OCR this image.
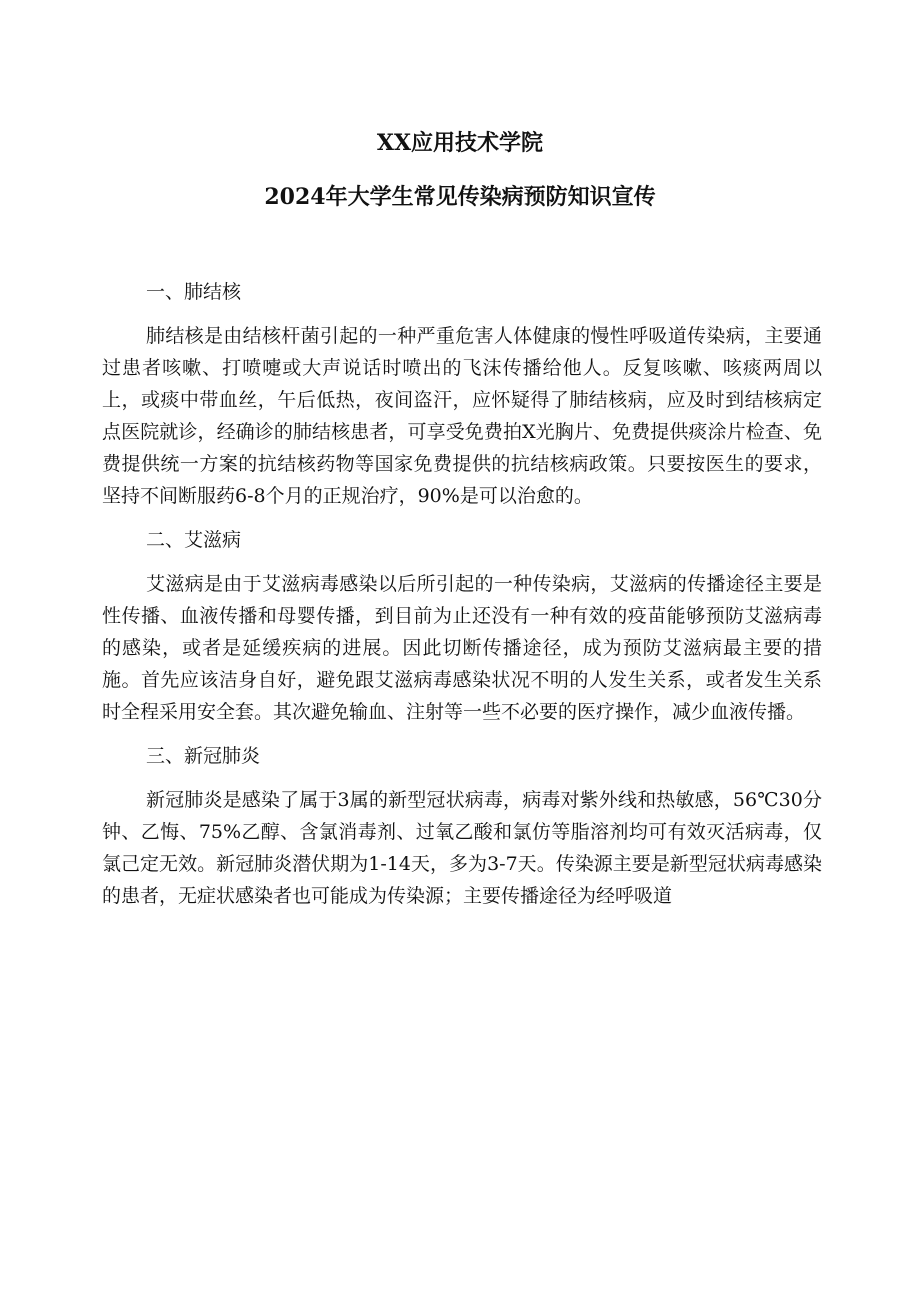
XX应用技术学院

2024年大学生常见传染病预防知识宣传

一、肺结核

肺结核是由结核杆菌引起的一种严重危害人体健康的慢性呼吸道传染病，主要通过患者咳嗽、打喷嚏或大声说话时喷出的飞沫传播给他人。反复咳嗽、咳痰两周以上，或痰中带血丝，午后低热，夜间盗汗，应怀疑得了肺结核病，应及时到结核病定点医院就诊，经确诊的肺结核患者，可享受免费拍X光胸片、免费提供痰涂片检查、免费提供统一方案的抗结核药物等国家免费提供的抗结核病政策。只要按医生的要求，坚持不间断服药6-8个月的正规治疗，90%是可以治愈的。

二、艾滋病

艾滋病是由于艾滋病毒感染以后所引起的一种传染病，艾滋病的传播途径主要是性传播、血液传播和母婴传播，到目前为止还没有一种有效的疫苗能够预防艾滋病毒的感染，或者是延缓疾病的进展。因此切断传播途径，成为预防艾滋病最主要的措施。首先应该洁身自好，避免跟艾滋病毒感染状况不明的人发生关系，或者发生关系时全程采用安全套。其次避免输血、注射等一些不必要的医疗操作，减少血液传播。

三、新冠肺炎

新冠肺炎是感染了属于3属的新型冠状病毒，病毒对紫外线和热敏感，56℃30分钟、乙悔、75%乙醇、含氯消毒剂、过氧乙酸和氯仿等脂溶剂均可有效灭活病毒，仅氯己定无效。新冠肺炎潜伏期为1-14天，多为3-7天。传染源主要是新型冠状病毒感染的患者，无症状感染者也可能成为传染源；主要传播途径为经呼吸道
